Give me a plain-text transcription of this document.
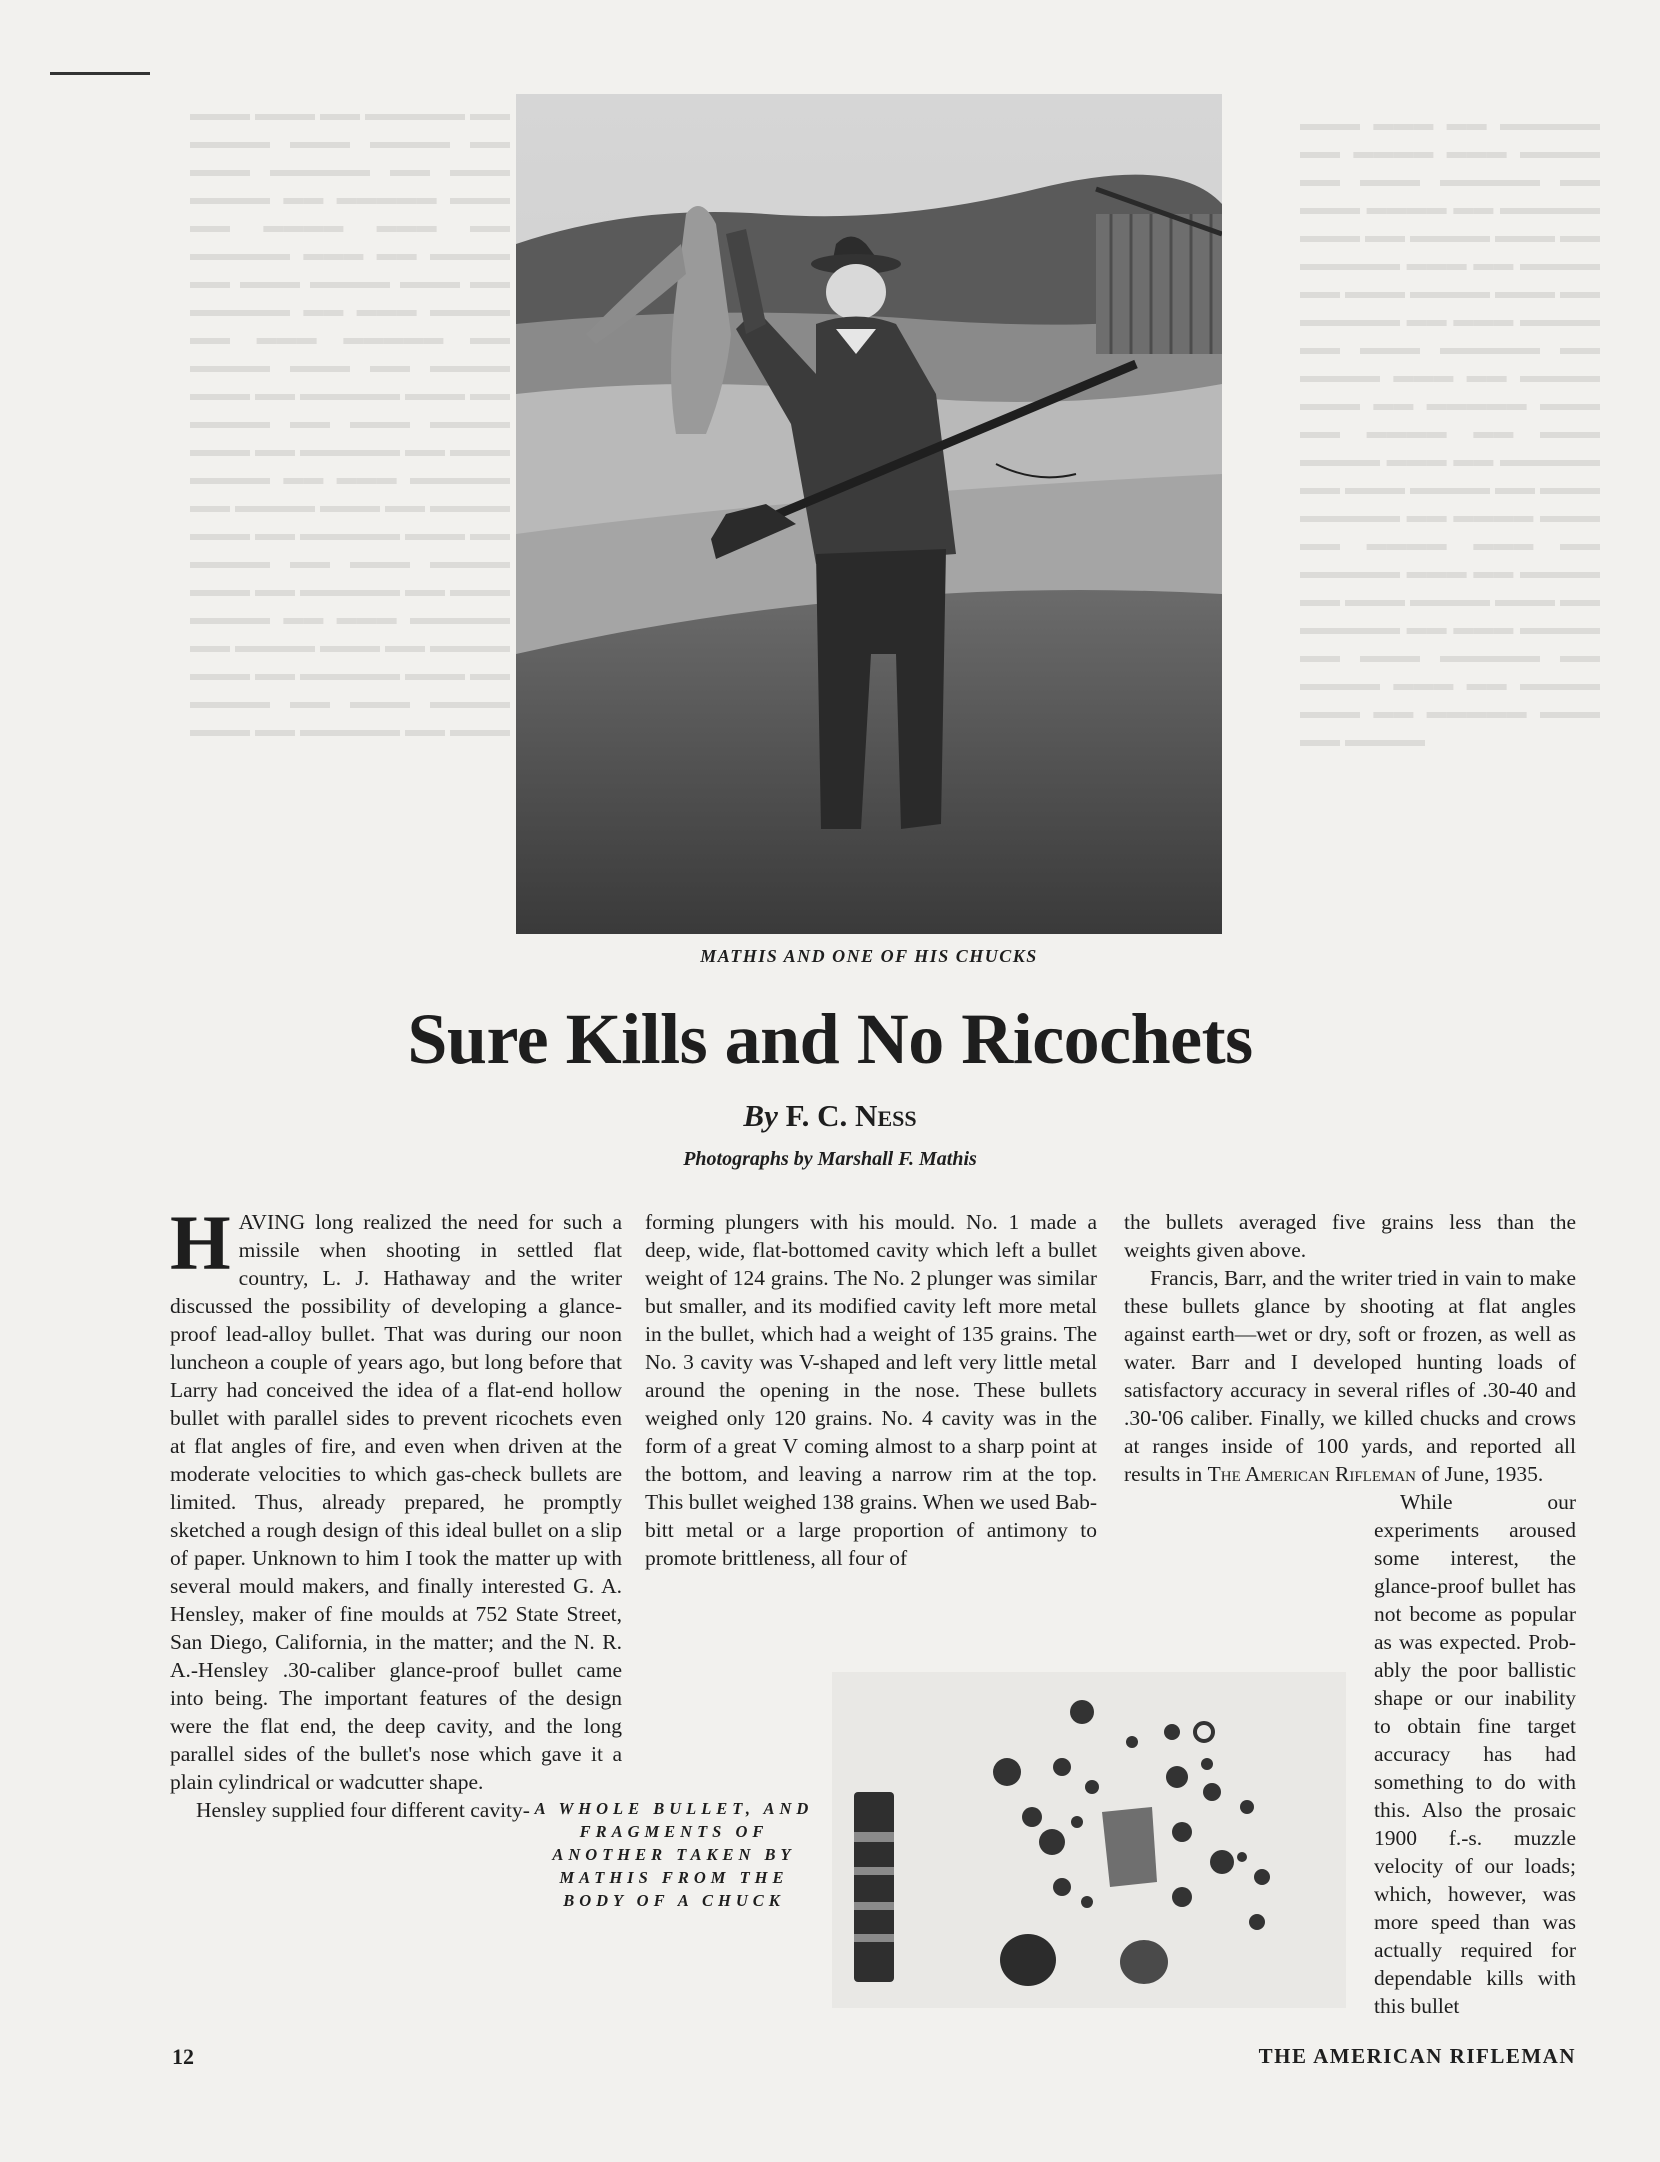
▬▬▬ ▬▬▬ ▬▬ ▬▬▬▬▬ ▬▬ ▬▬▬▬ ▬▬▬ ▬▬▬▬ ▬▬ ▬▬▬ ▬▬▬▬▬ ▬▬ ▬▬▬ ▬▬▬▬ ▬▬ ▬▬▬▬▬ ▬▬▬ ▬▬ ▬▬▬▬ ▬▬▬ ▬▬ ▬▬▬▬▬ ▬▬▬ ▬▬ ▬▬▬▬ ▬▬ ▬▬▬ ▬▬▬▬ ▬▬▬ ▬▬ ▬▬▬▬▬ ▬▬ ▬▬▬ ▬▬▬▬ ▬▬ ▬▬▬ ▬▬▬▬▬ ▬▬ ▬▬▬▬ ▬▬▬ ▬▬ ▬▬▬▬ ▬▬▬ ▬▬ ▬▬▬▬▬ ▬▬▬ ▬▬ ▬▬▬▬ ▬▬ ▬▬▬ ▬▬▬▬ ▬▬▬ ▬▬ ▬▬▬▬▬ ▬▬ ▬▬▬ ▬▬▬▬ ▬▬ ▬▬▬ ▬▬▬▬▬ ▬▬ ▬▬▬▬ ▬▬▬ ▬▬ ▬▬▬▬ ▬▬▬ ▬▬ ▬▬▬▬▬ ▬▬▬ ▬▬ ▬▬▬▬ ▬▬ ▬▬▬ ▬▬▬▬ ▬▬▬ ▬▬ ▬▬▬▬▬ ▬▬ ▬▬▬ ▬▬▬▬ ▬▬ ▬▬▬ ▬▬▬▬▬ ▬▬ ▬▬▬▬ ▬▬▬ ▬▬ ▬▬▬▬ ▬▬▬ ▬▬ ▬▬▬▬▬ ▬▬▬ ▬▬ ▬▬▬▬ ▬▬ ▬▬▬ ▬▬▬▬ ▬▬▬ ▬▬ ▬▬▬▬▬ ▬▬ ▬▬▬
▬▬▬ ▬▬▬ ▬▬ ▬▬▬▬▬ ▬▬ ▬▬▬▬ ▬▬▬ ▬▬▬▬ ▬▬ ▬▬▬ ▬▬▬▬▬ ▬▬ ▬▬▬ ▬▬▬▬ ▬▬ ▬▬▬▬▬ ▬▬▬ ▬▬ ▬▬▬▬ ▬▬▬ ▬▬ ▬▬▬▬▬ ▬▬▬ ▬▬ ▬▬▬▬ ▬▬ ▬▬▬ ▬▬▬▬ ▬▬▬ ▬▬ ▬▬▬▬▬ ▬▬ ▬▬▬ ▬▬▬▬ ▬▬ ▬▬▬ ▬▬▬▬▬ ▬▬ ▬▬▬▬ ▬▬▬ ▬▬ ▬▬▬▬ ▬▬▬ ▬▬ ▬▬▬▬▬ ▬▬▬ ▬▬ ▬▬▬▬ ▬▬ ▬▬▬ ▬▬▬▬ ▬▬▬ ▬▬ ▬▬▬▬▬ ▬▬ ▬▬▬ ▬▬▬▬ ▬▬ ▬▬▬ ▬▬▬▬▬ ▬▬ ▬▬▬▬ ▬▬▬ ▬▬ ▬▬▬▬ ▬▬▬ ▬▬ ▬▬▬▬▬ ▬▬▬ ▬▬ ▬▬▬▬ ▬▬ ▬▬▬ ▬▬▬▬ ▬▬▬ ▬▬ ▬▬▬▬▬ ▬▬ ▬▬▬ ▬▬▬▬ ▬▬ ▬▬▬ ▬▬▬▬▬ ▬▬ ▬▬▬▬ ▬▬▬ ▬▬ ▬▬▬▬ ▬▬▬ ▬▬ ▬▬▬▬▬ ▬▬▬ ▬▬ ▬▬▬▬
MATHIS AND ONE OF HIS CHUCKS
Sure Kills and No Ricochets
By F. C. Ness
Photographs by Marshall F. Mathis

HAVING long realized the need for such a missile when shooting in settled flat country, L. J. Hathaway and the writer discussed the possibility of developing a glance-proof lead-alloy bullet. That was during our noon luncheon a couple of years ago, but long before that Larry had conceived the idea of a flat-end hollow bullet with parallel sides to prevent ricochets even at flat angles of fire, and even when driven at the moderate velocities to which gas-check bullets are limited. Thus, already prepared, he promptly sketched a rough design of this ideal bullet on a slip of paper. Unknown to him I took the matter up with several mould makers, and finally interested G. A. Hensley, maker of fine moulds at 752 State Street, San Diego, California, in the matter; and the N. R. A.-Hensley .30-caliber glance-proof bullet came into being. The important features of the design were the flat end, the deep cavity, and the long parallel sides of the bullet's nose which gave it a plain cylindrical or wadcutter shape.

Hensley supplied four different cavity-

forming plungers with his mould. No. 1 made a deep, wide, flat-bottomed cavity which left a bullet weight of 124 grains. The No. 2 plunger was similar but smaller, and its modified cavity left more metal in the bullet, which had a weight of 135 grains. The No. 3 cavity was V-shaped and left very little metal around the opening in the nose. These bullets weighed only 120 grains. No. 4 cavity was in the form of a great V coming almost to a sharp point at the bottom, and leaving a narrow rim at the top. This bullet weighed 138 grains. When we used Babbitt metal or a large proportion of antimony to promote brittleness, all four of

the bullets averaged five grains less than the weights given above.

Francis, Barr, and the writer tried in vain to make these bullets glance by shooting at flat angles against earth—wet or dry, soft or frozen, as well as water. Barr and I developed hunting loads of satisfactory accuracy in several rifles of .30-40 and .30-'06 caliber. Finally, we killed chucks and crows at ranges inside of 100 yards, and reported all results in The American Rifleman of June, 1935.

While our experiments aroused some interest, the glance-proof bullet has not become as popular as was expected. Probably the poor ballistic shape or our inability to obtain fine target accuracy has had something to do with this. Also the prosaic 1900 f.-s. muzzle velocity of our loads; which, however, was more speed than was actually required for dependable kills with this bullet

A WHOLE BULLET, AND FRAGMENTS OF ANOTHER TAKEN BY MATHIS FROM THE BODY OF A CHUCK

12	THE AMERICAN RIFLEMAN
